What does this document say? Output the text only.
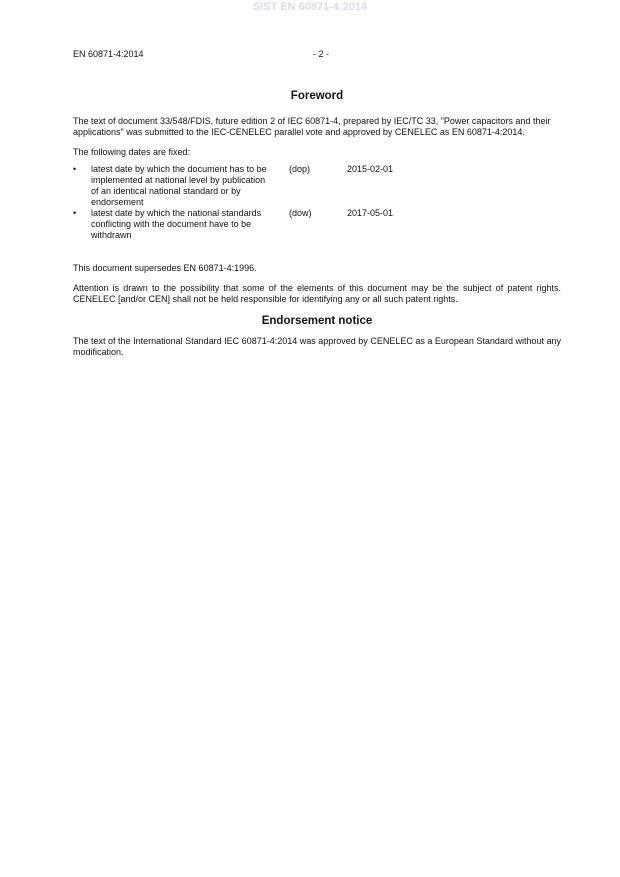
SIST EN 60871-4:2014
EN 60871-4:2014	- 2 -
Foreword

The text of document 33/548/FDIS, future edition 2 of IEC 60871-4, prepared by IEC/TC 33, "Power capacitors and their applications" was submitted to the IEC-CENELEC parallel vote and approved by CENELEC as EN 60871-4:2014.

The following dates are fixed:

•	latest date by which the document has to be implemented at national level by publication of an identical national standard or by endorsement
(dop)	2015-02-01
•	latest date by which the national standards conflicting with the document have to be withdrawn
(dow)	2017-05-01

This document supersedes EN 60871-4:1996.

Attention is drawn to the possibility that some of the elements of this document may be the subject of patent rights. CENELEC [and/or CEN] shall not be held responsible for identifying any or all such patent rights.

Endorsement notice

The text of the International Standard IEC 60871-4:2014 was approved by CENELEC as a European Standard without any modification.
